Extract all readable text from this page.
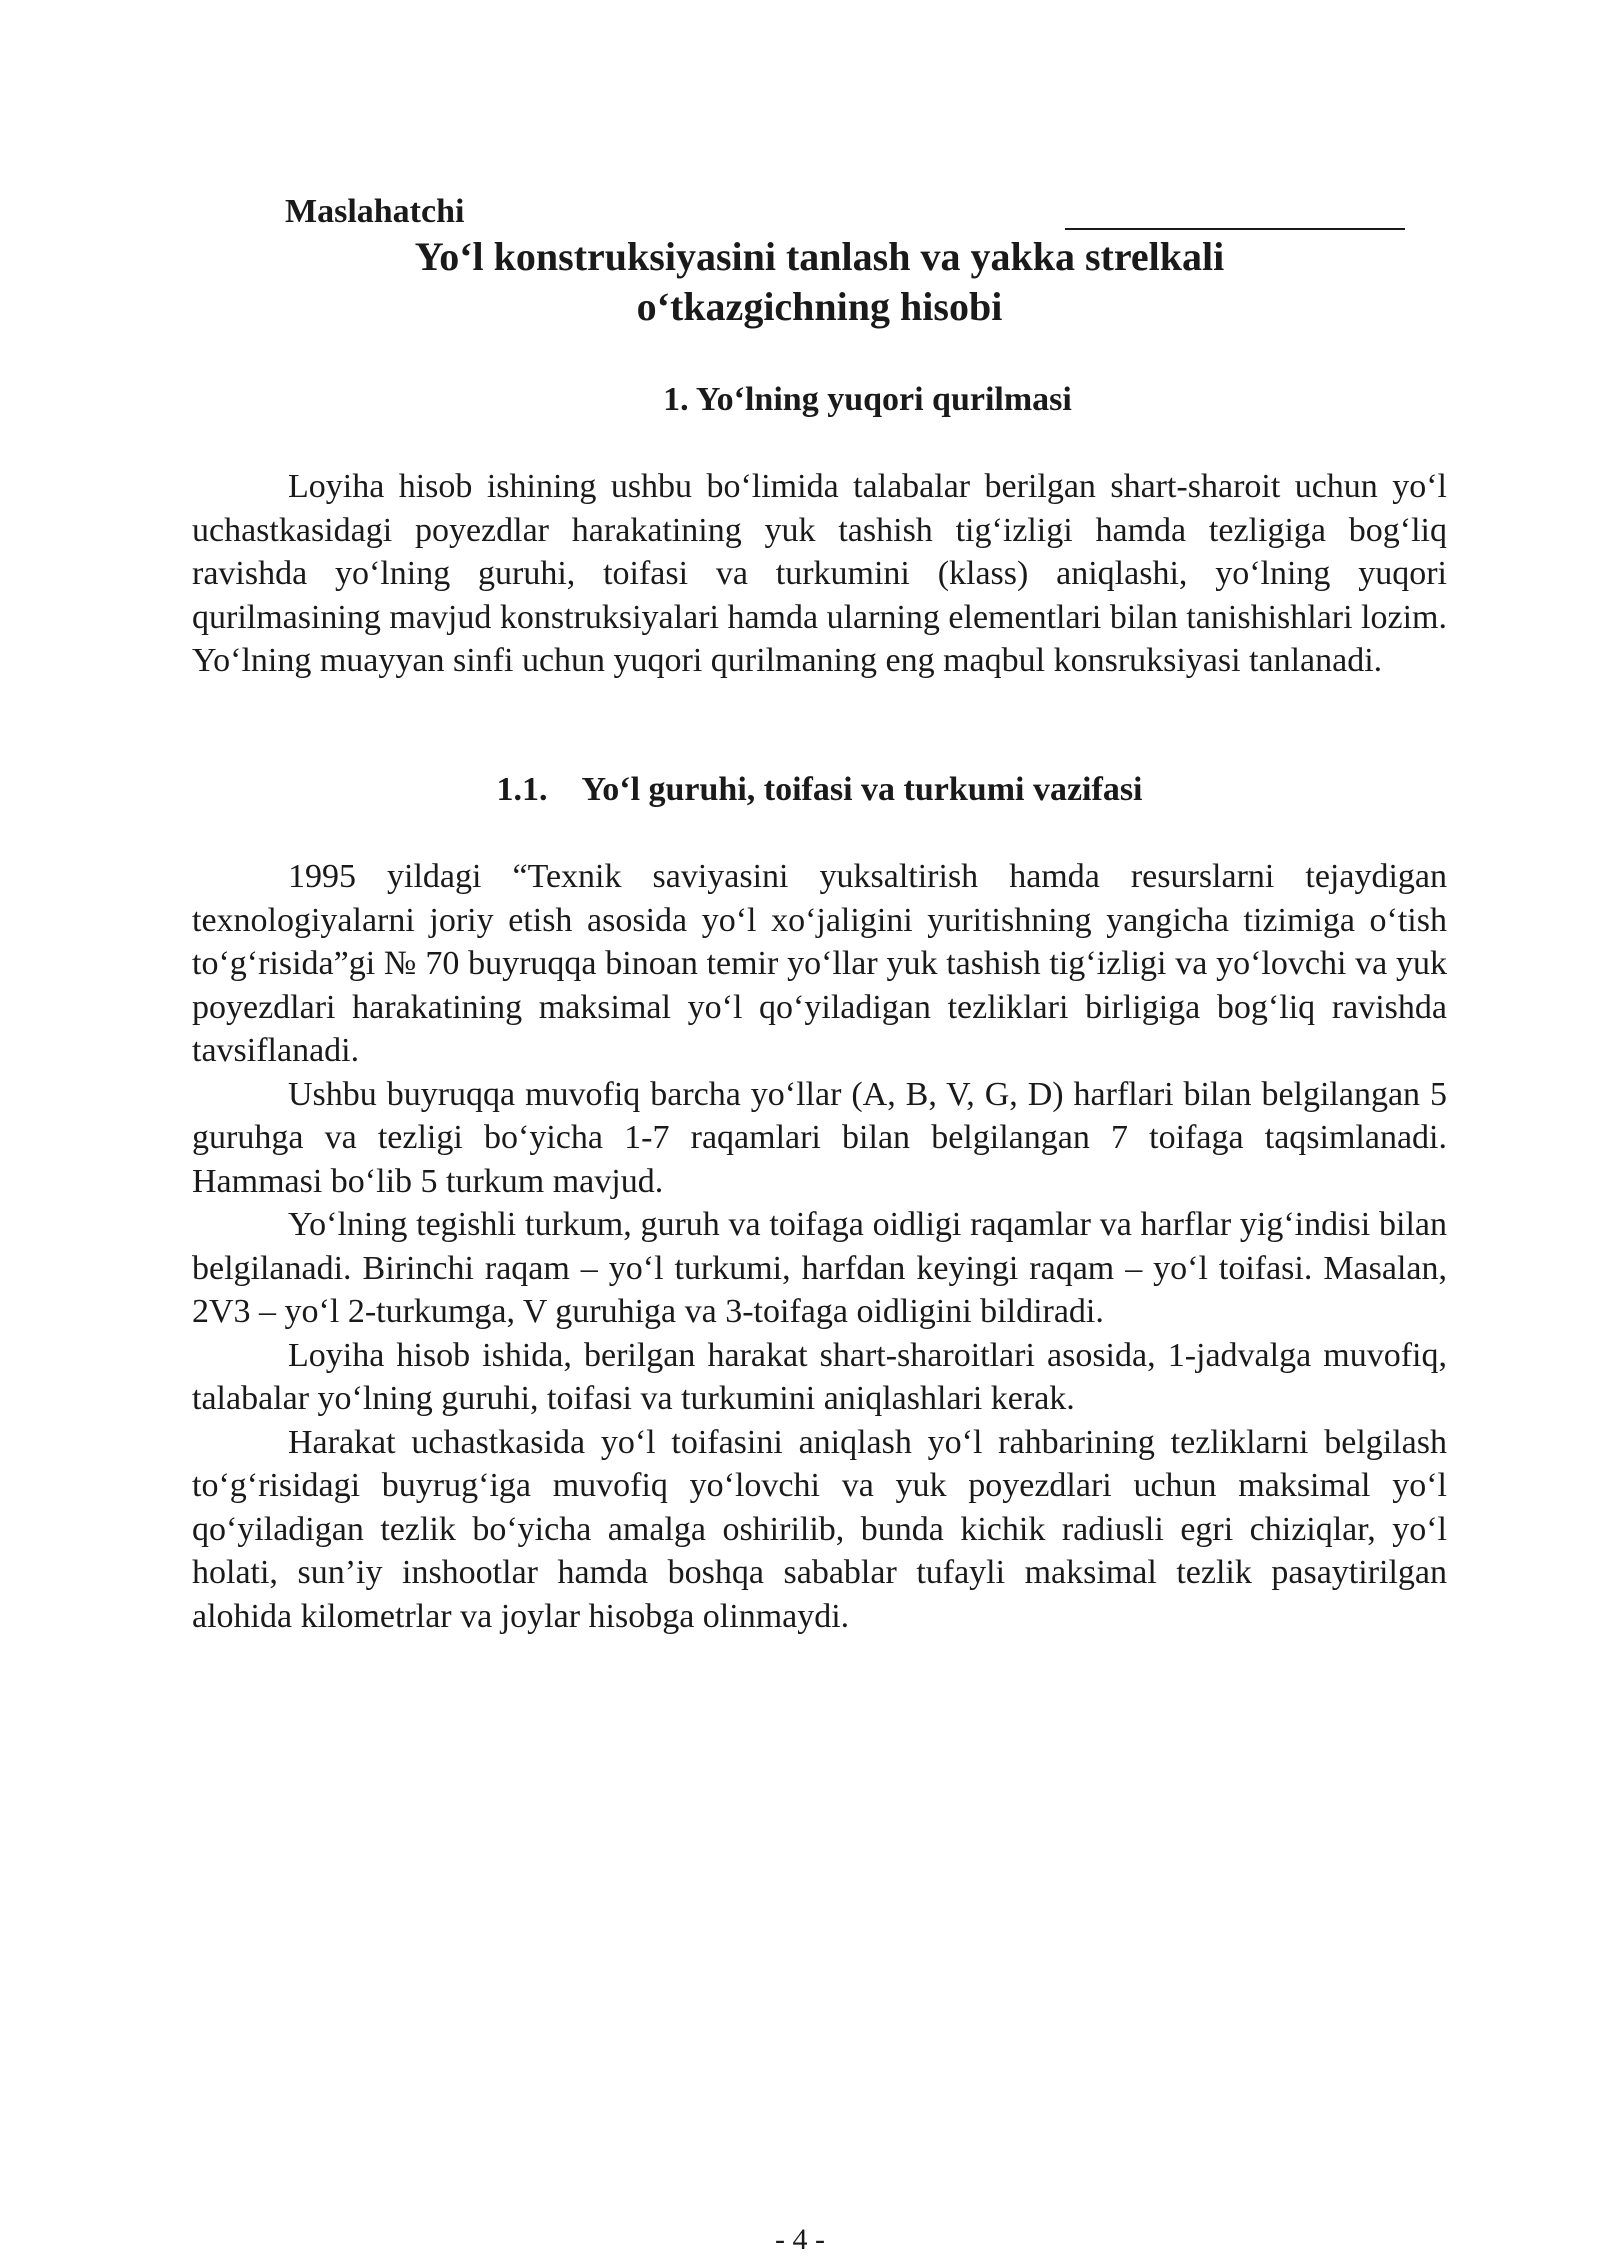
Maslahatchi
Yo‘l konstruksiyasini tanlash va yakka strelkali
o‘tkazgichning hisobi
1. Yo‘lning yuqori qurilmasi

Loyiha hisob ishining ushbu bo‘limida talabalar berilgan shart-sharoit uchun yo‘l uchastkasidagi poyezdlar harakatining yuk tashish tig‘izligi hamda tezligiga bog‘liq ravishda yo‘lning guruhi, toifasi va turkumini (klass) aniqlashi, yo‘lning yuqori qurilmasining mavjud konstruksiyalari hamda ularning elementlari bilan tanishishlari lozim. Yo‘lning muayyan sinfi uchun yuqori qurilmaning eng maqbul konsruksiyasi tanlanadi.

1.1. Yo‘l guruhi, toifasi va turkumi vazifasi

1995 yildagi “Texnik saviyasini yuksaltirish hamda resurslarni tejaydigan texnologiyalarni joriy etish asosida yo‘l xo‘jaligini yuritishning yangicha tizimiga o‘tish to‘g‘risida”gi № 70 buyruqqa binoan temir yo‘llar yuk tashish tig‘izligi va yo‘lovchi va yuk poyezdlari harakatining maksimal yo‘l qo‘yiladigan tezliklari birligiga bog‘liq ravishda tavsiflanadi.

Ushbu buyruqqa muvofiq barcha yo‘llar (A, B, V, G, D) harflari bilan belgilangan 5 guruhga va tezligi bo‘yicha 1-7 raqamlari bilan belgilangan 7 toifaga taqsimlanadi. Hammasi bo‘lib 5 turkum mavjud.

Yo‘lning tegishli turkum, guruh va toifaga oidligi raqamlar va harflar yig‘indisi bilan belgilanadi. Birinchi raqam – yo‘l turkumi, harfdan keyingi raqam – yo‘l toifasi. Masalan, 2V3 – yo‘l 2-turkumga, V guruhiga va 3-toifaga oidligini bildiradi.

Loyiha hisob ishida, berilgan harakat shart-sharoitlari asosida, 1-jadvalga muvofiq, talabalar yo‘lning guruhi, toifasi va turkumini aniqlashlari kerak.

Harakat uchastkasida yo‘l toifasini aniqlash yo‘l rahbarining tezliklarni belgilash to‘g‘risidagi buyrug‘iga muvofiq yo‘lovchi va yuk poyezdlari uchun maksimal yo‘l qo‘yiladigan tezlik bo‘yicha amalga oshirilib, bunda kichik radiusli egri chiziqlar, yo‘l holati, sun’iy inshootlar hamda boshqa sabablar tufayli maksimal tezlik pasaytirilgan alohida kilometrlar va joylar hisobga olinmaydi.

- 4 -
